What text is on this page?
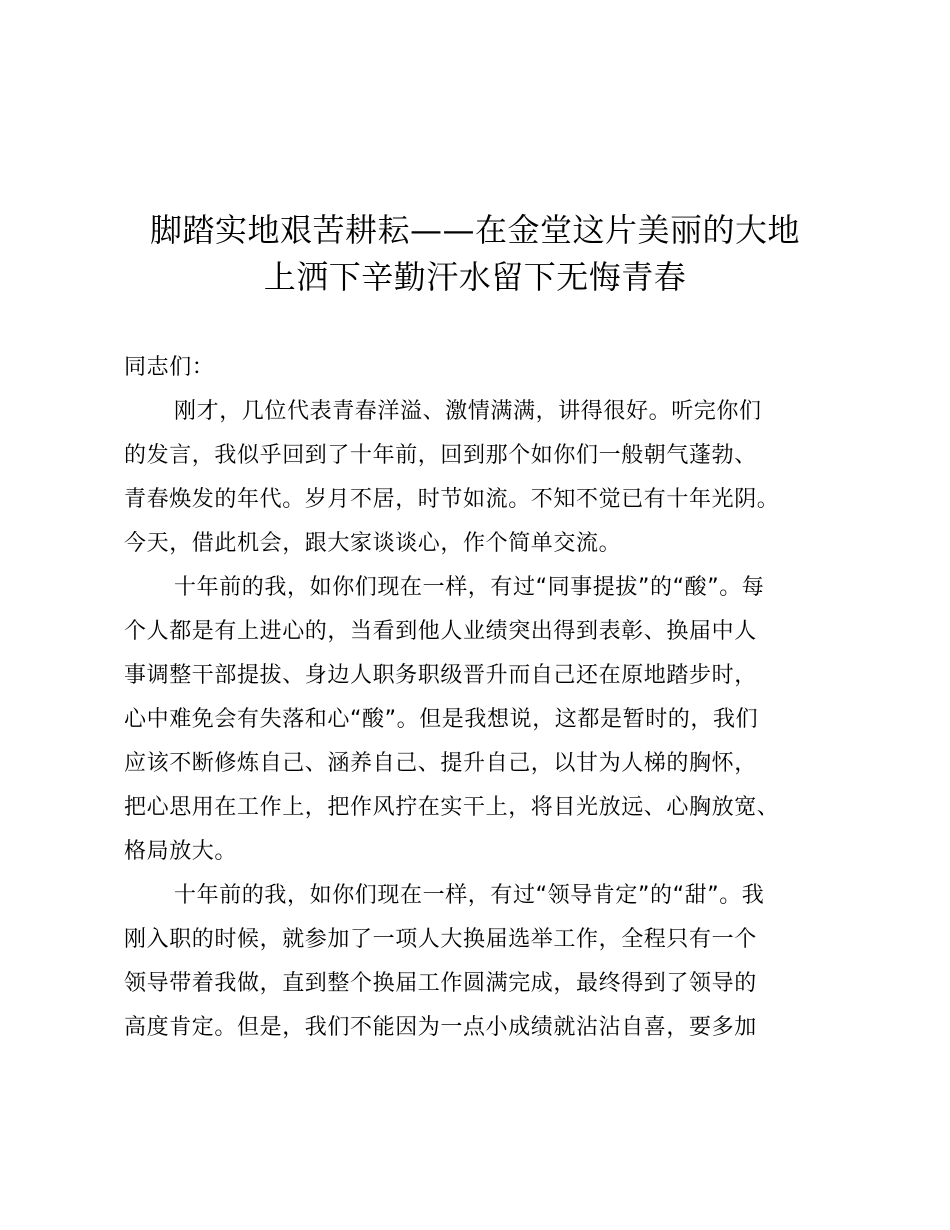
脚踏实地艰苦耕耘——在金堂这片美丽的大地
上洒下辛勤汗水留下无悔青春
同志们：
刚才，几位代表青春洋溢、激情满满，讲得很好。听完你们
的发言，我似乎回到了十年前，回到那个如你们一般朝气蓬勃、
青春焕发的年代。岁月不居，时节如流。不知不觉已有十年光阴。
今天，借此机会，跟大家谈谈心，作个简单交流。
十年前的我，如你们现在一样，有过“同事提拔”的“酸”。每
个人都是有上进心的，当看到他人业绩突出得到表彰、换届中人
事调整干部提拔、身边人职务职级晋升而自己还在原地踏步时，
心中难免会有失落和心“酸”。但是我想说，这都是暂时的，我们
应该不断修炼自己、涵养自己、提升自己，以甘为人梯的胸怀，
把心思用在工作上，把作风拧在实干上，将目光放远、心胸放宽、
格局放大。
十年前的我，如你们现在一样，有过“领导肯定”的“甜”。我
刚入职的时候，就参加了一项人大换届选举工作，全程只有一个
领导带着我做，直到整个换届工作圆满完成，最终得到了领导的
高度肯定。但是，我们不能因为一点小成绩就沾沾自喜，要多加
